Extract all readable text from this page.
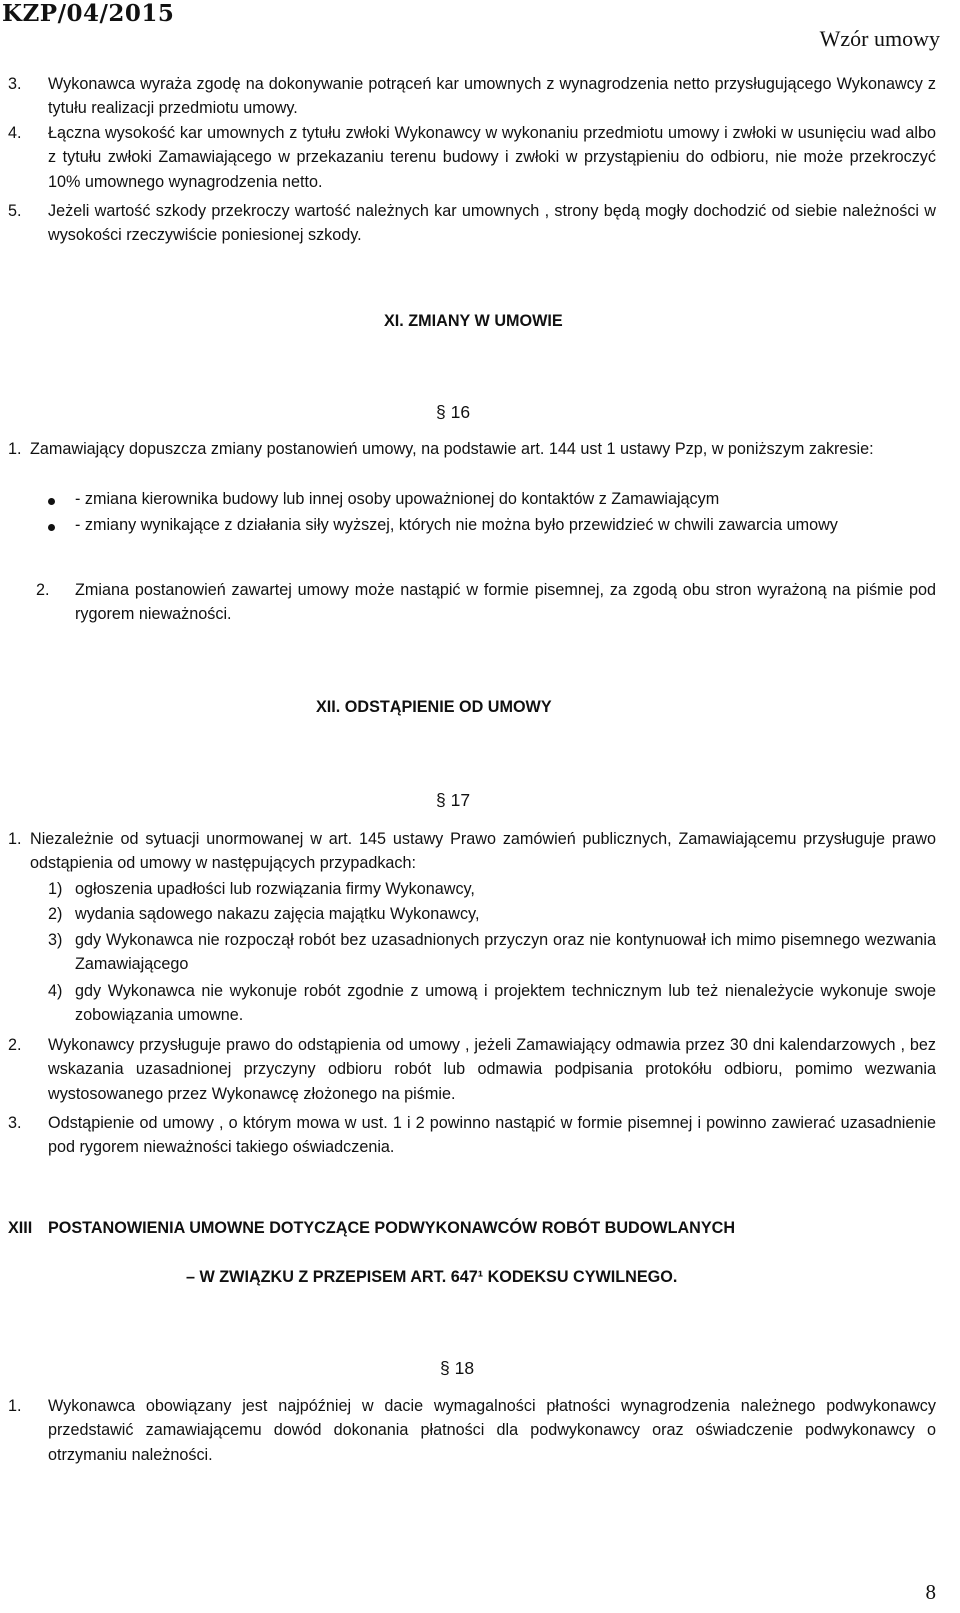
KZP/04/2015
Wzór umowy
3. Wykonawca wyraża zgodę na dokonywanie potrąceń kar umownych z wynagrodzenia netto przysługującego Wykonawcy z tytułu realizacji przedmiotu umowy.
4. Łączna wysokość kar umownych z tytułu zwłoki Wykonawcy w wykonaniu przedmiotu umowy i zwłoki w usunięciu wad albo z tytułu zwłoki Zamawiającego w przekazaniu terenu budowy i zwłoki w przystąpieniu do odbioru, nie może przekroczyć 10% umownego wynagrodzenia netto.
5. Jeżeli wartość szkody przekroczy wartość należnych kar umownych , strony będą mogły dochodzić od siebie należności w wysokości rzeczywiście poniesionej szkody.
XI. ZMIANY W UMOWIE
§ 16
1. Zamawiający dopuszcza zmiany postanowień umowy, na podstawie art. 144 ust 1 ustawy Pzp, w poniższym zakresie:
- zmiana kierownika budowy lub innej osoby upoważnionej do kontaktów z Zamawiającym
- zmiany wynikające z działania siły wyższej, których nie można było przewidzieć w chwili zawarcia umowy
2. Zmiana postanowień zawartej umowy może nastąpić w formie pisemnej, za zgodą obu stron wyrażoną na piśmie pod rygorem nieważności.
XII. ODSTĄPIENIE OD UMOWY
§ 17
1. Niezależnie od sytuacji unormowanej w art. 145 ustawy Prawo zamówień publicznych, Zamawiającemu przysługuje prawo odstąpienia od umowy w następujących przypadkach:
1) ogłoszenia upadłości lub rozwiązania firmy Wykonawcy,
2) wydania sądowego nakazu zajęcia majątku Wykonawcy,
3) gdy Wykonawca nie rozpoczął robót bez uzasadnionych przyczyn oraz nie kontynuował ich mimo pisemnego wezwania Zamawiającego
4) gdy Wykonawca nie wykonuje robót zgodnie z umową i projektem technicznym lub też nienależycie wykonuje swoje zobowiązania umowne.
2. Wykonawcy przysługuje prawo do odstąpienia od umowy , jeżeli Zamawiający odmawia przez 30 dni kalendarzowych , bez wskazania uzasadnionej przyczyny odbioru robót lub odmawia podpisania protokółu odbioru, pomimo wezwania wystosowanego przez Wykonawcę złożonego na piśmie.
3. Odstąpienie od umowy , o którym mowa w ust. 1 i 2 powinno nastąpić w formie pisemnej i powinno zawierać uzasadnienie pod rygorem nieważności takiego oświadczenia.
XIII POSTANOWIENIA UMOWNE DOTYCZĄCE PODWYKONAWCÓW ROBÓT BUDOWLANYCH
– W ZWIĄZKU Z PRZEPISEM ART. 647¹ KODEKSU CYWILNEGO.
§ 18
1. Wykonawca obowiązany jest najpóźniej w dacie wymagalności płatności wynagrodzenia należnego podwykonawcy przedstawić zamawiającemu dowód dokonania płatności dla podwykonawcy oraz oświadczenie podwykonawcy o otrzymaniu należności.
8
